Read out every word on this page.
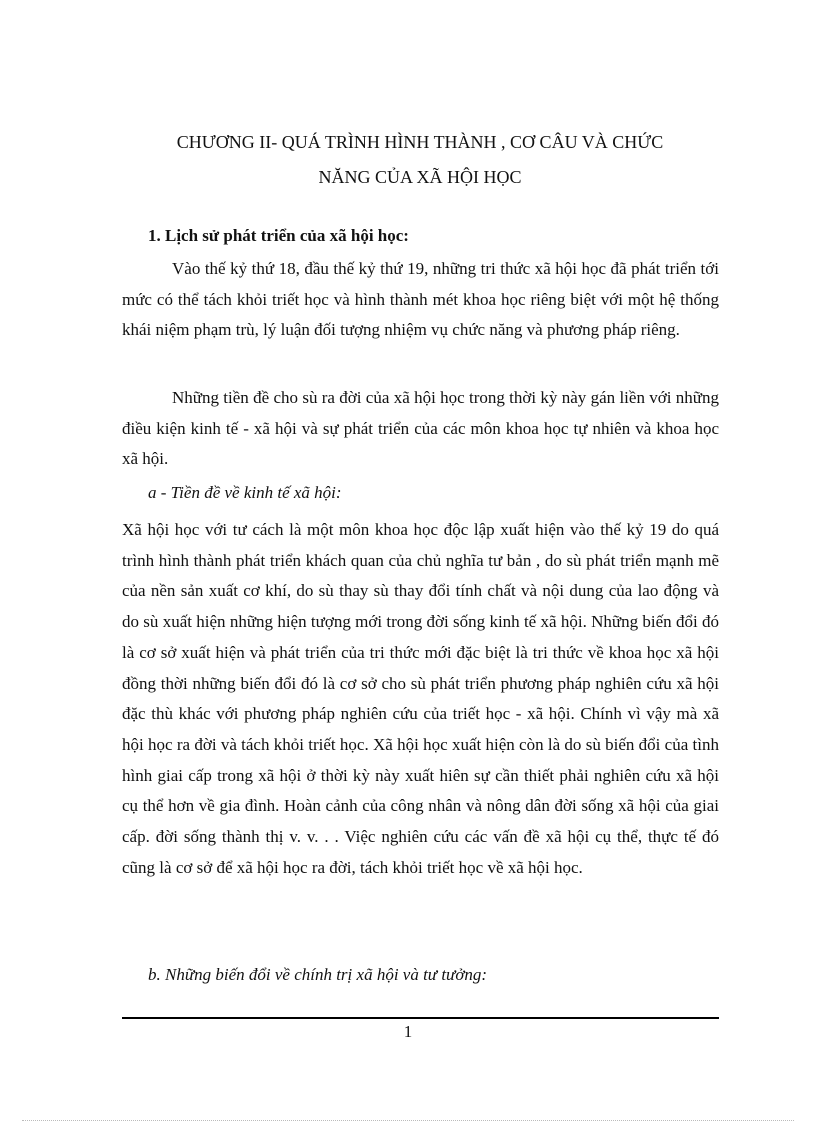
CHƯƠNG II- QUÁ TRÌNH HÌNH THÀNH , CƠ CÂU VÀ CHỨC
NĂNG CỦA XÃ HỘI HỌC
1. Lịch sử phát triển của xã hội học:

Vào thế kỷ thứ 18, đầu thế kỷ thứ 19, những tri thức xã hội học đã phát triển tới mức có thể tách khỏi triết học và hình thành mét khoa học riêng biệt với một hệ thống khái niệm phạm trù, lý luận đối tượng nhiệm vụ chức năng và phương pháp riêng.

Những tiền đề cho sù ra đời của xã hội học trong thời kỳ này gán liền với những điều kiện kinh tế - xã hội và sự phát triển của các môn khoa học tự nhiên và khoa học xã hội.

a - Tiền đề về kinh tế xã hội:

Xã hội học với tư cách là một môn khoa học độc lập xuất hiện vào thế kỷ 19 do quá trình hình thành phát triển khách quan của chủ nghĩa tư bản , do sù phát triển mạnh mẽ của nền sản xuất cơ khí, do sù thay sù thay đổi tính chất và nội dung của lao động và do sù xuất hiện những hiện tượng mới trong đời sống kinh tế xã hội. Những biến đổi đó là cơ sở xuất hiện và phát triển của tri thức mới đặc biệt là tri thức về khoa học xã hội đồng thời những biến đổi đó là cơ sở cho sù phát triển phương pháp nghiên cứu xã hội đặc thù khác với phương pháp nghiên cứu của triết học - xã hội. Chính vì vậy mà xã hội học ra đời và tách khỏi triết học. Xã hội học xuất hiện còn là do sù biến đổi của tình hình giai cấp trong xã hội ở thời kỳ này xuất hiên sự cần thiết phải nghiên cứu xã hội cụ thể hơn về gia đình. Hoàn cảnh của công nhân và nông dân đời sống xã hội của giai cấp. đời sống thành thị v. v. . . Việc nghiên cứu các vấn đề xã hội cụ thể, thực tế đó cũng là cơ sở để xã hội học ra đời, tách khỏi triết học về xã hội học.

b. Những biến đổi về chính trị xã hội và tư tưởng:
1
